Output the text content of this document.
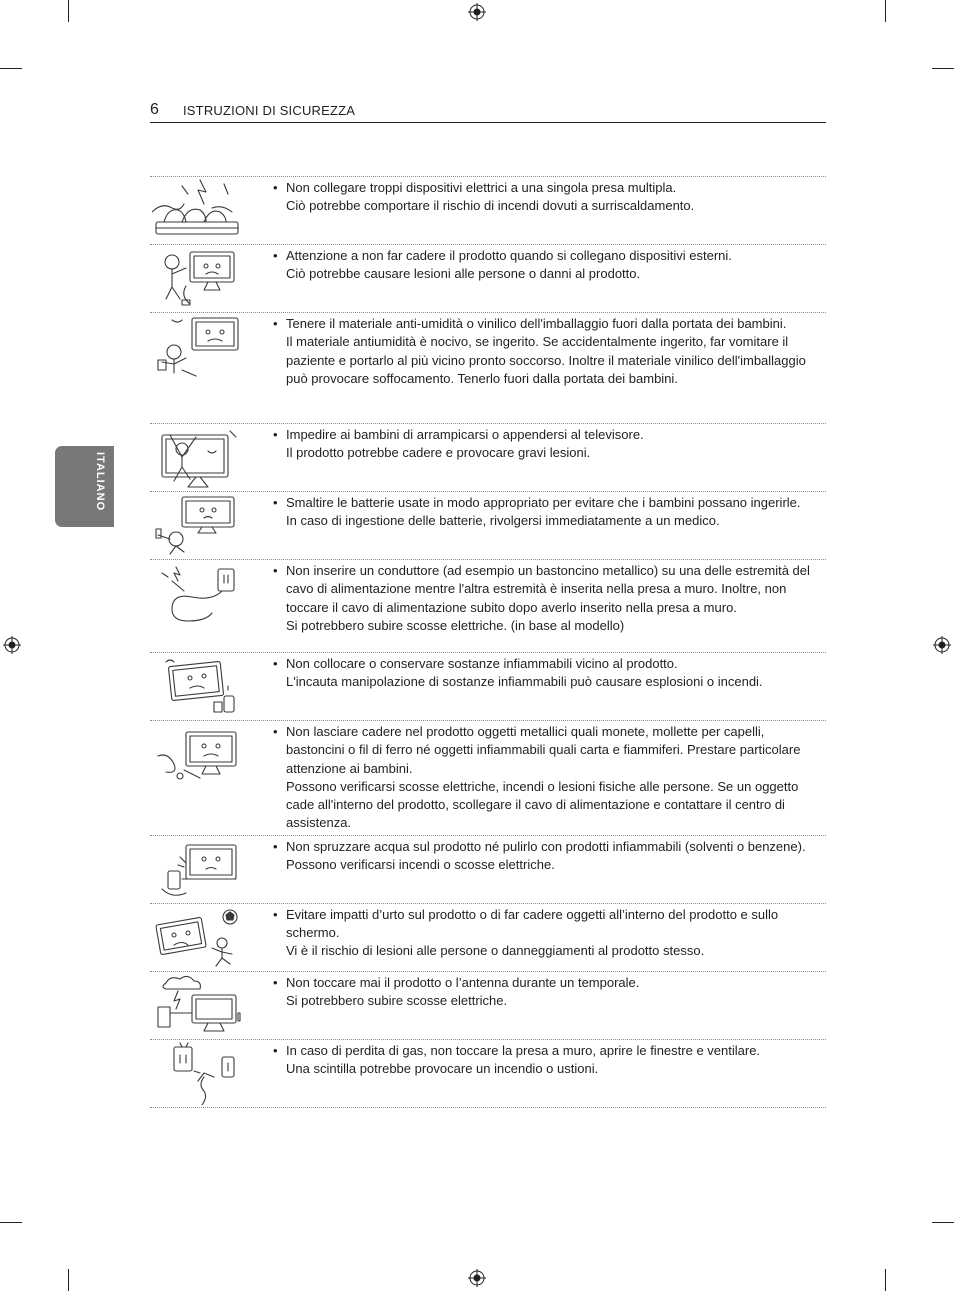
6 ISTRUZIONI DI SICUREZZA
ITALIANO

• Non collegare troppi dispositivi elettrici a una singola presa multipla.

Ciò potrebbe comportare il rischio di incendi dovuti a surriscaldamento.

• Attenzione a non far cadere il prodotto quando si collegano dispositivi esterni.

Ciò potrebbe causare lesioni alle persone o danni al prodotto.

• Tenere il materiale anti-umidità o vinilico dell'imballaggio fuori dalla portata dei bambini.

Il materiale antiumidità è nocivo, se ingerito. Se accidentalmente ingerito, far vomitare il paziente e portarlo al più vicino pronto soccorso. Inoltre il materiale vinilico dell'imballaggio può provocare soffocamento. Tenerlo fuori dalla portata dei bambini.

• Impedire ai bambini di arrampicarsi o appendersi al televisore.

Il prodotto potrebbe cadere e provocare gravi lesioni.

• Smaltire le batterie usate in modo appropriato per evitare che i bambini possano ingerirle.

In caso di ingestione delle batterie, rivolgersi immediatamente a un medico.

• Non inserire un conduttore (ad esempio un bastoncino metallico) su una delle estremità del cavo di alimentazione mentre l'altra estremità è inserita nella presa a muro. Inoltre, non toccare il cavo di alimentazione subito dopo averlo inserito nella presa a muro.

Si potrebbero subire scosse elettriche. (in base al modello)

• Non collocare o conservare sostanze infiammabili vicino al prodotto.

L'incauta manipolazione di sostanze infiammabili può causare esplosioni o incendi.

• Non lasciare cadere nel prodotto oggetti metallici quali monete, mollette per capelli, bastoncini o fil di ferro né oggetti infiammabili quali carta e fiammiferi. Prestare particolare attenzione ai bambini.

Possono verificarsi scosse elettriche, incendi o lesioni fisiche alle persone. Se un oggetto cade all'interno del prodotto, scollegare il cavo di alimentazione e contattare il centro di assistenza.

• Non spruzzare acqua sul prodotto né pulirlo con prodotti infiammabili (solventi o benzene). Possono verificarsi incendi o scosse elettriche.

• Evitare impatti d’urto sul prodotto o di far cadere oggetti all’interno del prodotto e sullo schermo.

Vi è il rischio di lesioni alle persone o danneggiamenti al prodotto stesso.

• Non toccare mai il prodotto o l’antenna durante un temporale.

Si potrebbero subire scosse elettriche.

• In caso di perdita di gas, non toccare la presa a muro, aprire le finestre e ventilare.

Una scintilla potrebbe provocare un incendio o ustioni.
